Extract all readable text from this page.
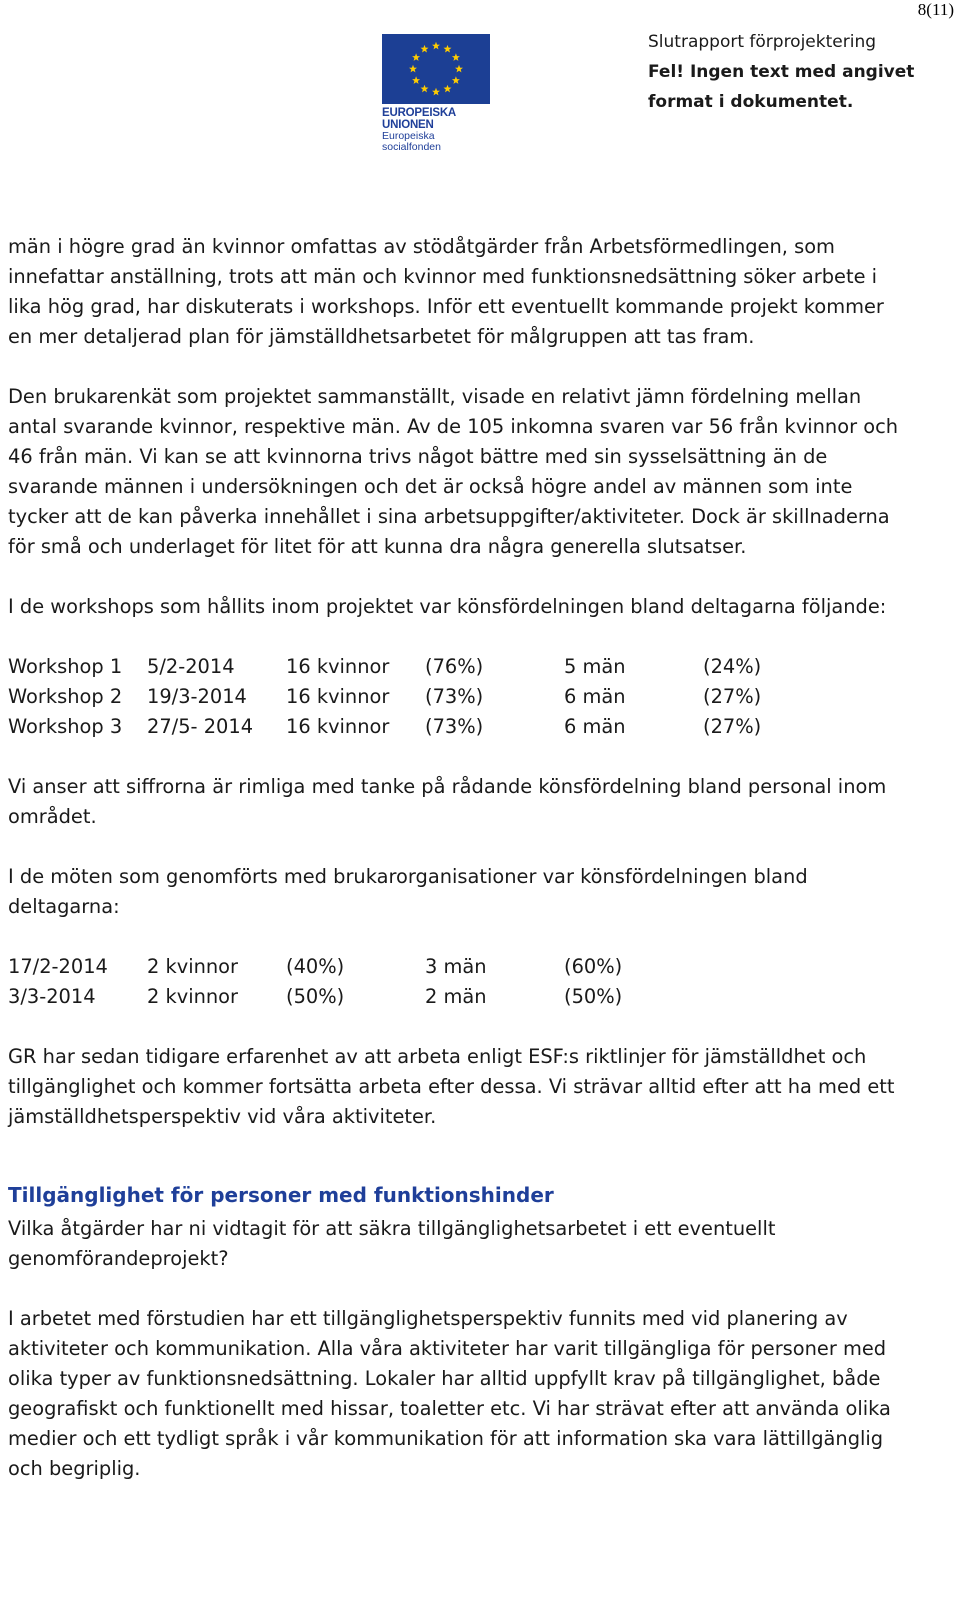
8(11)
EUROPEISKA UNIONEN
Europeiska socialfonden
Slutrapport förprojektering
Fel! Ingen text med angivet format i dokumentet.

män i högre grad än kvinnor omfattas av stödåtgärder från Arbetsförmedlingen, som innefattar anställning, trots att män och kvinnor med funktionsnedsättning söker arbete i lika hög grad, har diskuterats i workshops. Inför ett eventuellt kommande projekt kommer en mer detaljerad plan för jämställdhetsarbetet för målgruppen att tas fram.

Den brukarenkät som projektet sammanställt, visade en relativt jämn fördelning mellan antal svarande kvinnor, respektive män. Av de 105 inkomna svaren var 56 från kvinnor och 46 från män. Vi kan se att kvinnorna trivs något bättre med sin sysselsättning än de svarande männen i undersökningen och det är också högre andel av männen som inte tycker att de kan påverka innehållet i sina arbetsuppgifter/aktiviteter. Dock är skillnaderna för små och underlaget för litet för att kunna dra några generella slutsatser.

I de workshops som hållits inom projektet var könsfördelningen bland deltagarna följande:

Workshop 1	5/2-2014	16 kvinnor	(76%)	5 män	(24%)
Workshop 2	19/3-2014	16 kvinnor	(73%)	6 män	(27%)
Workshop 3	27/5- 2014	16 kvinnor	(73%)	6 män	(27%)

Vi anser att siffrorna är rimliga med tanke på rådande könsfördelning bland personal inom området.

I de möten som genomförts med brukarorganisationer var könsfördelningen bland deltagarna:

17/2-2014	2 kvinnor	(40%)	3 män	(60%)
3/3-2014	2 kvinnor	(50%)	2 män	(50%)

GR har sedan tidigare erfarenhet av att arbeta enligt ESF:s riktlinjer för jämställdhet och tillgänglighet och kommer fortsätta arbeta efter dessa. Vi strävar alltid efter att ha med ett jämställdhetsperspektiv vid våra aktiviteter.

Tillgänglighet för personer med funktionshinder

Vilka åtgärder har ni vidtagit för att säkra tillgänglighetsarbetet i ett eventuellt genomförandeprojekt?

I arbetet med förstudien har ett tillgänglighetsperspektiv funnits med vid planering av aktiviteter och kommunikation. Alla våra aktiviteter har varit tillgängliga för personer med olika typer av funktionsnedsättning. Lokaler har alltid uppfyllt krav på tillgänglighet, både geografiskt och funktionellt med hissar, toaletter etc. Vi har strävat efter att använda olika medier och ett tydligt språk i vår kommunikation för att information ska vara lättillgänglig och begriplig.
